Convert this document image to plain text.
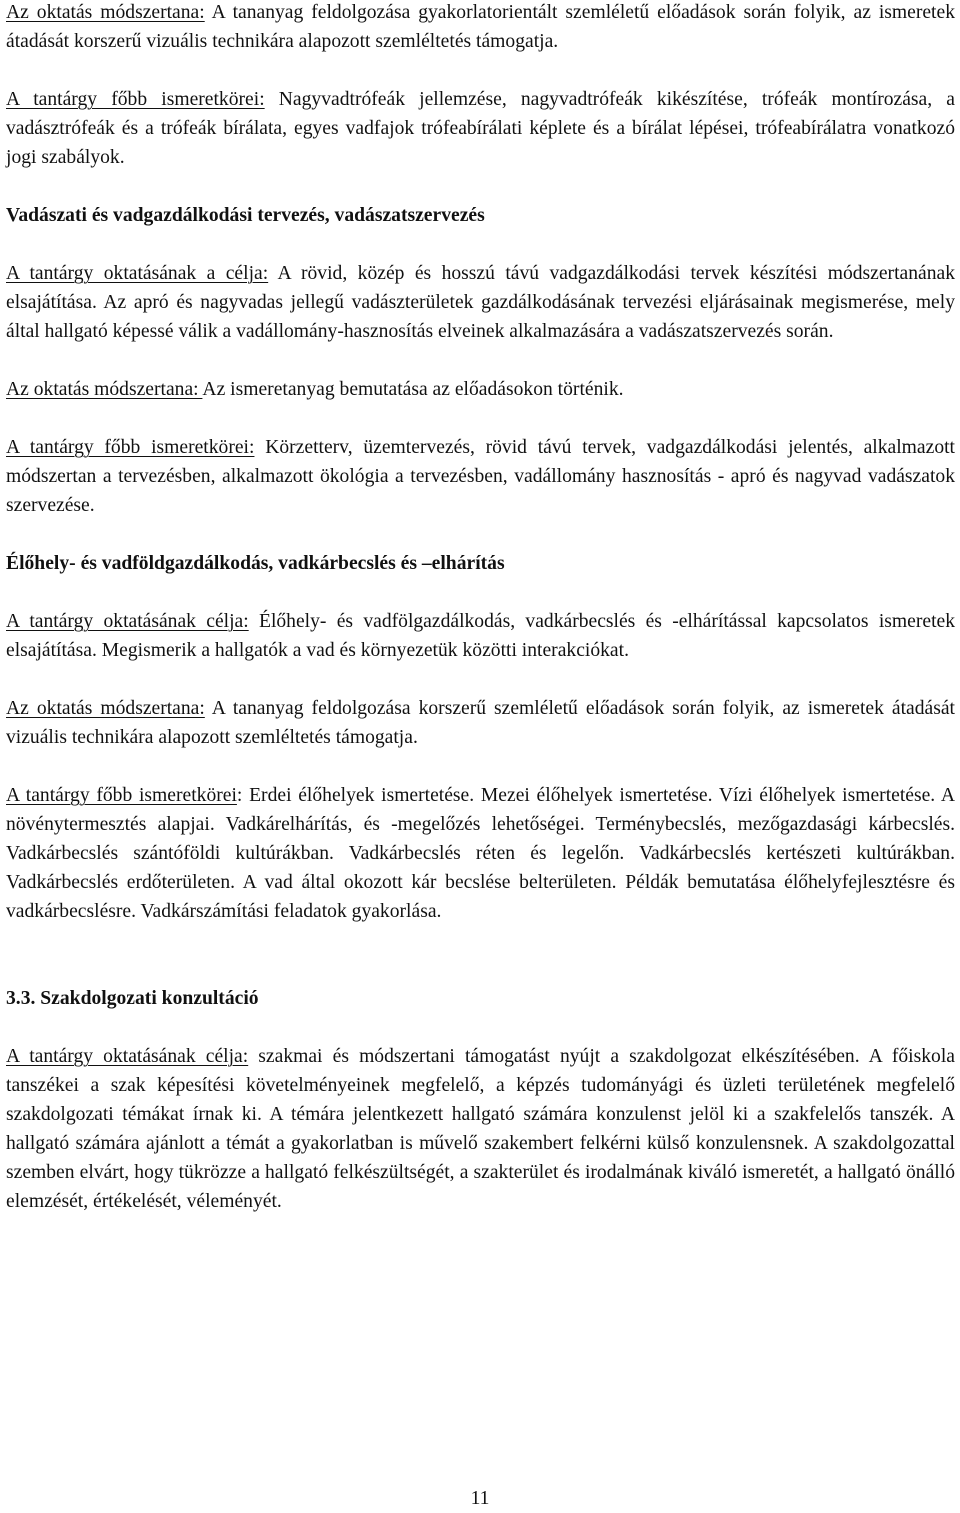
Az oktatás módszertana: A tananyag feldolgozása gyakorlatorientált szemléletű előadások során folyik, az ismeretek átadását korszerű vizuális technikára alapozott szemléltetés támogatja.

A tantárgy főbb ismeretkörei: Nagyvadtrófeák jellemzése, nagyvadtrófeák kikészítése, trófeák montírozása, a vadásztrófeák és a trófeák bírálata, egyes vadfajok trófeabírálati képlete és a bírálat lépései, trófeabírálatra vonatkozó jogi szabályok.

Vadászati és vadgazdálkodási tervezés, vadászatszervezés

A tantárgy oktatásának a célja: A rövid, közép és hosszú távú vadgazdálkodási tervek készítési módszertanának elsajátítása. Az apró és nagyvadas jellegű vadászterületek gazdálkodásának tervezési eljárásainak megismerése, mely által hallgató képessé válik a vadállomány-hasznosítás elveinek alkalmazására a vadászatszervezés során.

Az oktatás módszertana: Az ismeretanyag bemutatása az előadásokon történik.

A tantárgy főbb ismeretkörei: Körzetterv, üzemtervezés, rövid távú tervek, vadgazdálkodási jelentés, alkalmazott módszertan a tervezésben, alkalmazott ökológia a tervezésben, vadállomány hasznosítás - apró és nagyvad vadászatok szervezése.

Élőhely- és vadföldgazdálkodás, vadkárbecslés és –elhárítás

A tantárgy oktatásának célja: Élőhely- és vadfölgazdálkodás, vadkárbecslés és -elhárítással kapcsolatos ismeretek elsajátítása. Megismerik a hallgatók a vad és környezetük közötti interakciókat.

Az oktatás módszertana: A tananyag feldolgozása korszerű szemléletű előadások során folyik, az ismeretek átadását vizuális technikára alapozott szemléltetés támogatja.

A tantárgy főbb ismeretkörei: Erdei élőhelyek ismertetése. Mezei élőhelyek ismertetése. Vízi élőhelyek ismertetése. A növénytermesztés alapjai. Vadkárelhárítás, és -megelőzés lehetőségei. Terménybecslés, mezőgazdasági kárbecslés. Vadkárbecslés szántóföldi kultúrákban. Vadkárbecslés réten és legelőn. Vadkárbecslés kertészeti kultúrákban. Vadkárbecslés erdőterületen. A vad által okozott kár becslése belterületen. Példák bemutatása élőhelyfejlesztésre és vadkárbecslésre. Vadkárszámítási feladatok gyakorlása.

3.3. Szakdolgozati konzultáció

A tantárgy oktatásának célja: szakmai és módszertani támogatást nyújt a szakdolgozat elkészítésében. A főiskola tanszékei a szak képesítési követelményeinek megfelelő, a képzés tudományági és üzleti területének megfelelő szakdolgozati témákat írnak ki. A témára jelentkezett hallgató számára konzulenst jelöl ki a szakfelelős tanszék. A hallgató számára ajánlott a témát a gyakorlatban is művelő szakembert felkérni külső konzulensnek. A szakdolgozattal szemben elvárt, hogy tükrözze a hallgató felkészültségét, a szakterület és irodalmának kiváló ismeretét, a hallgató önálló elemzését, értékelését, véleményét.

11
